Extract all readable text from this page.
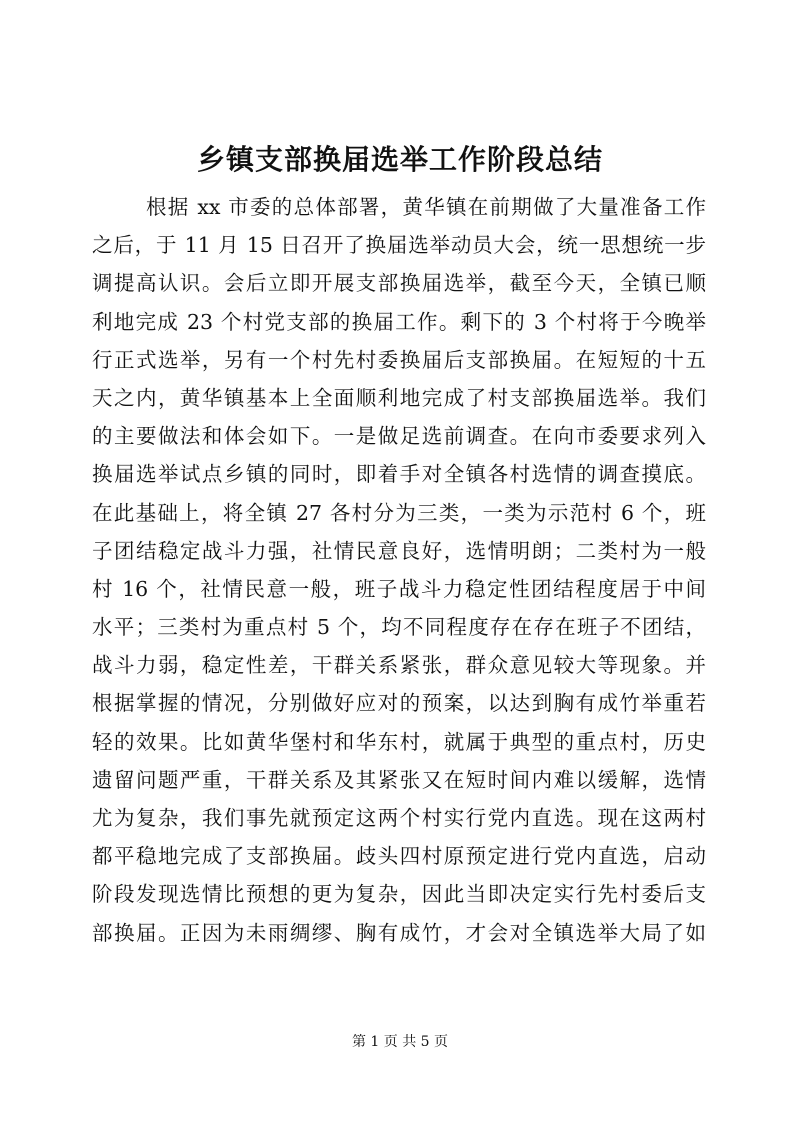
乡镇支部换届选举工作阶段总结
根据 xx 市委的总体部署，黄华镇在前期做了大量准备工作
之后，于 11 月 15 日召开了换届选举动员大会，统一思想统一步
调提高认识。会后立即开展支部换届选举，截至今天，全镇已顺
利地完成 23 个村党支部的换届工作。剩下的 3 个村将于今晚举
行正式选举，另有一个村先村委换届后支部换届。在短短的十五
天之内，黄华镇基本上全面顺利地完成了村支部换届选举。我们
的主要做法和体会如下。一是做足选前调查。在向市委要求列入
换届选举试点乡镇的同时，即着手对全镇各村选情的调查摸底。
在此基础上，将全镇 27 各村分为三类，一类为示范村 6 个，班
子团结稳定战斗力强，社情民意良好，选情明朗；二类村为一般
村 16 个，社情民意一般，班子战斗力稳定性团结程度居于中间
水平；三类村为重点村 5 个，均不同程度存在存在班子不团结，
战斗力弱，稳定性差，干群关系紧张，群众意见较大等现象。并
根据掌握的情况，分别做好应对的预案，以达到胸有成竹举重若
轻的效果。比如黄华堡村和华东村，就属于典型的重点村，历史
遗留问题严重，干群关系及其紧张又在短时间内难以缓解，选情
尤为复杂，我们事先就预定这两个村实行党内直选。现在这两村
都平稳地完成了支部换届。歧头四村原预定进行党内直选，启动
阶段发现选情比预想的更为复杂，因此当即决定实行先村委后支
部换届。正因为未雨绸缪、胸有成竹，才会对全镇选举大局了如
第 1 页 共 5 页
